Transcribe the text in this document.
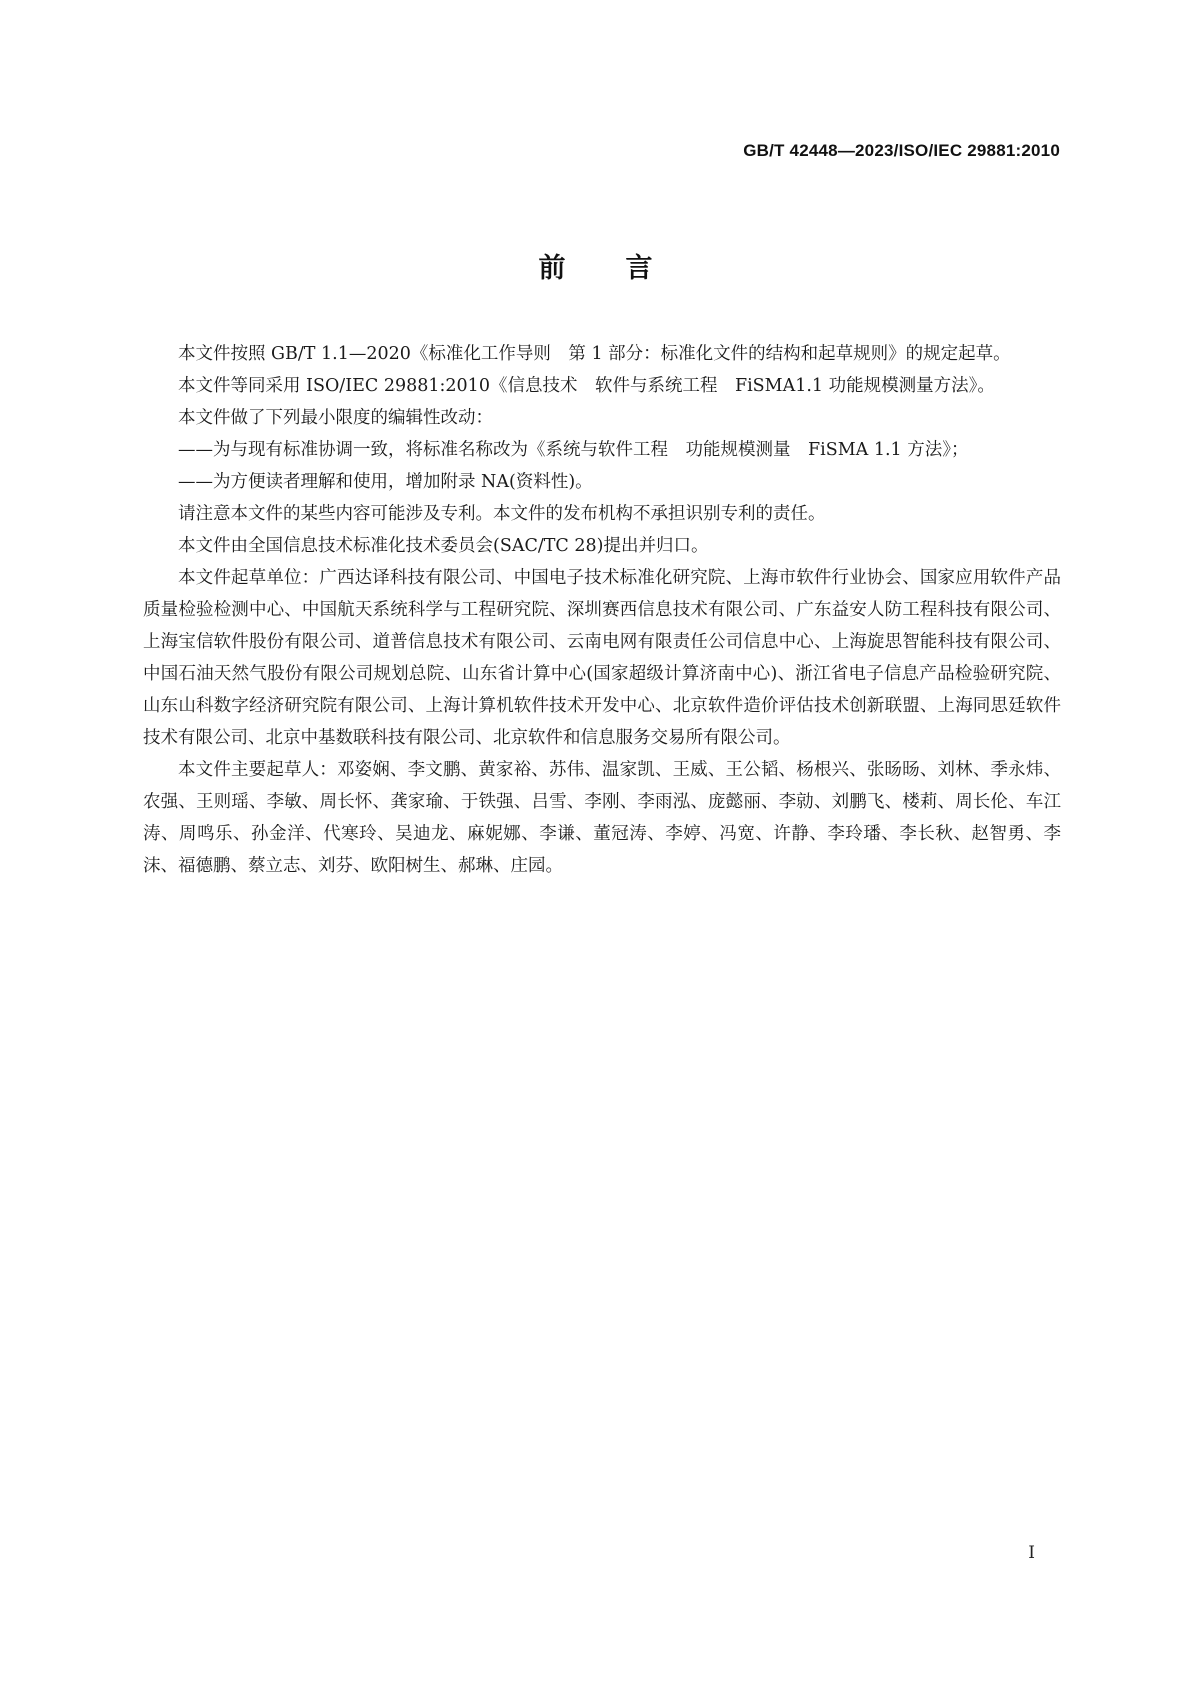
GB/T 42448—2023/ISO/IEC 29881:2010
前言

本文件按照 GB/T 1.1—2020《标准化工作导则　第 1 部分：标准化文件的结构和起草规则》的规定起草。

本文件等同采用 ISO/IEC 29881:2010《信息技术　软件与系统工程　FiSMA1.1 功能规模测量方法》。

本文件做了下列最小限度的编辑性改动：

——为与现有标准协调一致，将标准名称改为《系统与软件工程　功能规模测量　FiSMA 1.1 方法》；

——为方便读者理解和使用，增加附录 NA(资料性)。

请注意本文件的某些内容可能涉及专利。本文件的发布机构不承担识别专利的责任。

本文件由全国信息技术标准化技术委员会(SAC/TC 28)提出并归口。

本文件起草单位：广西达译科技有限公司、中国电子技术标准化研究院、上海市软件行业协会、国家应用软件产品质量检验检测中心、中国航天系统科学与工程研究院、深圳赛西信息技术有限公司、广东益安人防工程科技有限公司、上海宝信软件股份有限公司、道普信息技术有限公司、云南电网有限责任公司信息中心、上海旋思智能科技有限公司、中国石油天然气股份有限公司规划总院、山东省计算中心(国家超级计算济南中心)、浙江省电子信息产品检验研究院、山东山科数字经济研究院有限公司、上海计算机软件技术开发中心、北京软件造价评估技术创新联盟、上海同思廷软件技术有限公司、北京中基数联科技有限公司、北京软件和信息服务交易所有限公司。

本文件主要起草人：邓姿娴、李文鹏、黄家裕、苏伟、温家凯、王威、王公韬、杨根兴、张旸旸、刘林、季永炜、农强、王则瑶、李敏、周长怀、龚家瑜、于铁强、吕雪、李刚、李雨泓、庞懿丽、李勍、刘鹏飞、楼莉、周长伦、车江涛、周鸣乐、孙金洋、代寒玲、吴迪龙、麻妮娜、李谦、董冠涛、李婷、冯宽、许静、李玲璠、李长秋、赵智勇、李沫、福德鹏、蔡立志、刘芬、欧阳树生、郝琳、庄园。

I
